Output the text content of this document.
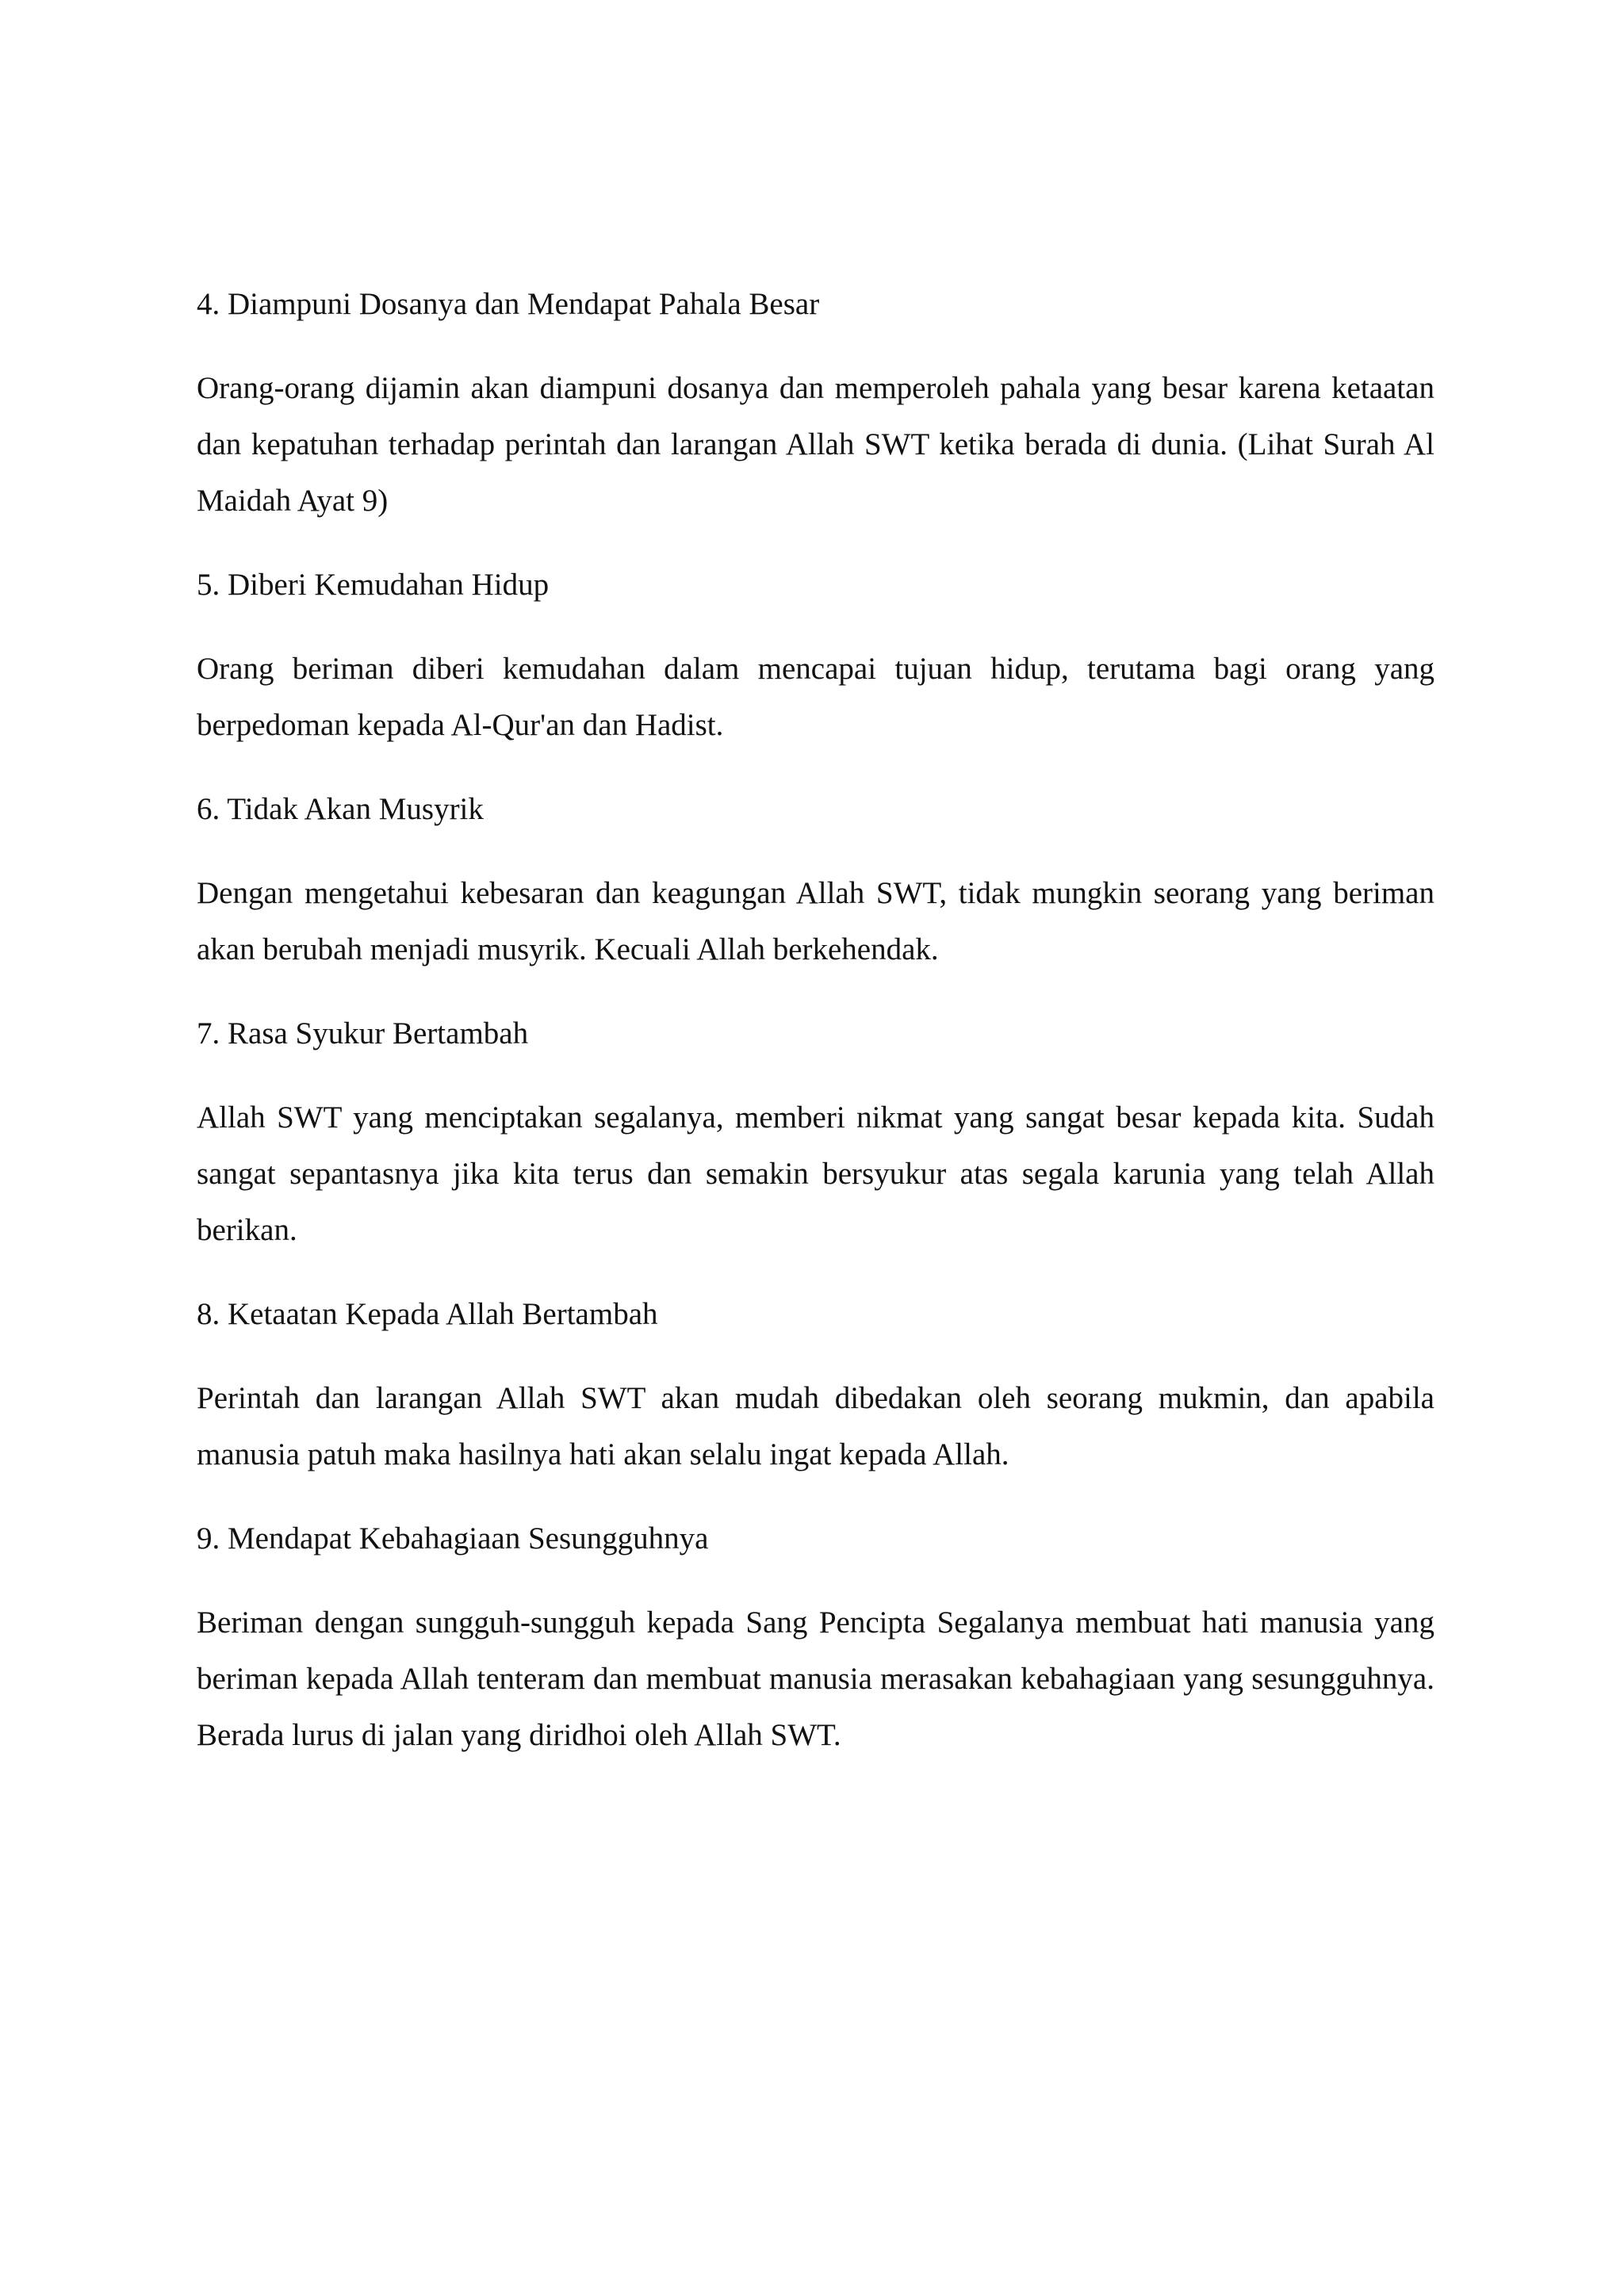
4. Diampuni Dosanya dan Mendapat Pahala Besar

Orang-orang dijamin akan diampuni dosanya dan memperoleh pahala yang besar karena ketaatan dan kepatuhan terhadap perintah dan larangan Allah SWT ketika berada di dunia. (Lihat Surah Al Maidah Ayat 9)

5. Diberi Kemudahan Hidup

Orang beriman diberi kemudahan dalam mencapai tujuan hidup, terutama bagi orang yang berpedoman kepada Al-Qur'an dan Hadist.

6. Tidak Akan Musyrik

Dengan mengetahui kebesaran dan keagungan Allah SWT, tidak mungkin seorang yang beriman akan berubah menjadi musyrik. Kecuali Allah berkehendak.

7. Rasa Syukur Bertambah

Allah SWT yang menciptakan segalanya, memberi nikmat yang sangat besar kepada kita. Sudah sangat sepantasnya jika kita terus dan semakin bersyukur atas segala karunia yang telah Allah berikan.

8. Ketaatan Kepada Allah Bertambah

Perintah dan larangan Allah SWT akan mudah dibedakan oleh seorang mukmin, dan apabila manusia patuh maka hasilnya hati akan selalu ingat kepada Allah.

9. Mendapat Kebahagiaan Sesungguhnya

Beriman dengan sungguh-sungguh kepada Sang Pencipta Segalanya membuat hati manusia yang beriman kepada Allah tenteram dan membuat manusia merasakan kebahagiaan yang sesungguhnya. Berada lurus di jalan yang diridhoi oleh Allah SWT.
